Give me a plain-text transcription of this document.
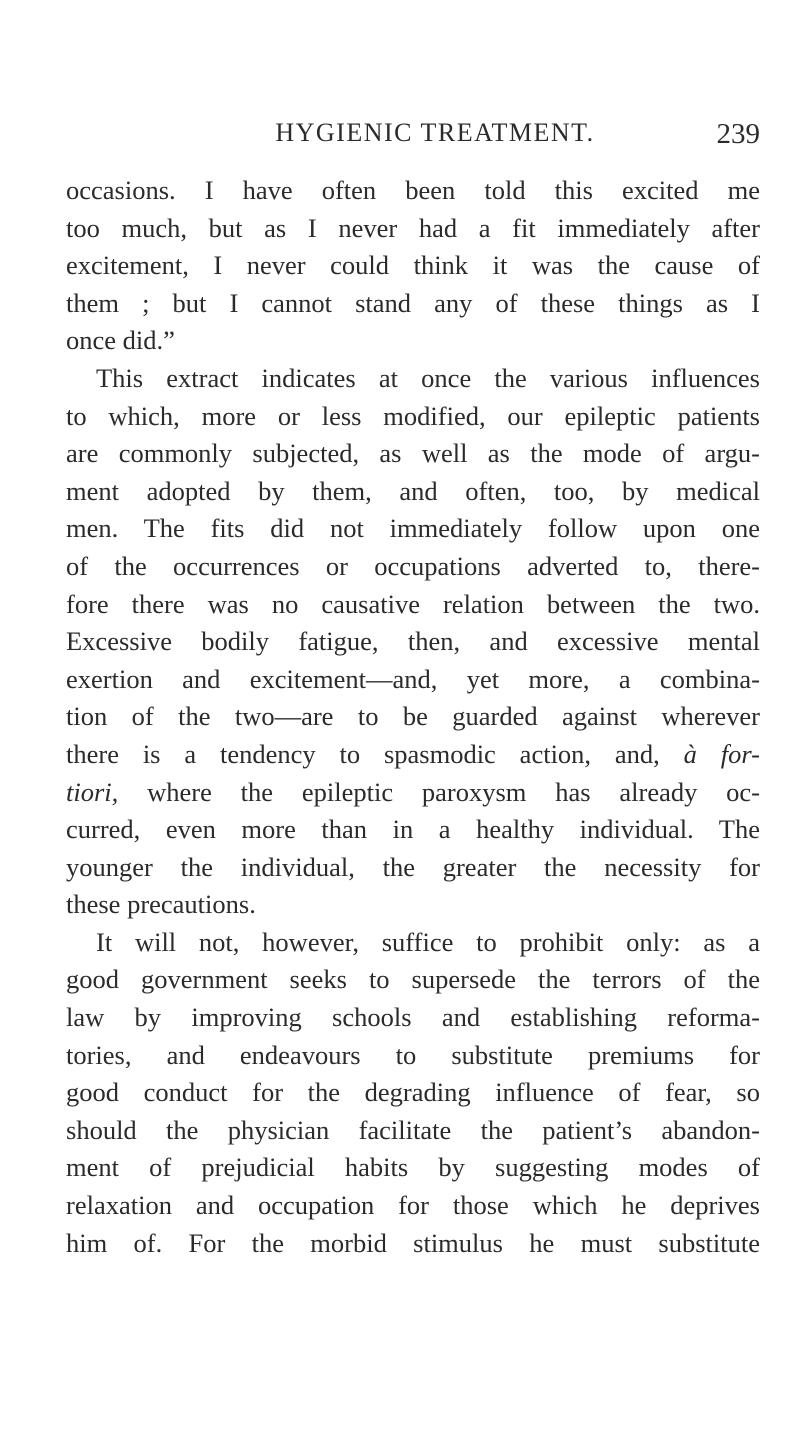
HYGIENIC TREATMENT.	239
occasions. I have often been told this excited me
too much, but as I never had a fit immediately after
excitement, I never could think it was the cause of
them ; but I cannot stand any of these things as I
once did.”
This extract indicates at once the various influences
to which, more or less modified, our epileptic patients
are commonly subjected, as well as the mode of argu-
ment adopted by them, and often, too, by medical
men. The fits did not immediately follow upon one
of the occurrences or occupations adverted to, there-
fore there was no causative relation between the two.
Excessive bodily fatigue, then, and excessive mental
exertion and excitement—and, yet more, a combina-
tion of the two—are to be guarded against wherever
there is a tendency to spasmodic action, and, à for-
tiori, where the epileptic paroxysm has already oc-
curred, even more than in a healthy individual. The
younger the individual, the greater the necessity for
these precautions.
It will not, however, suffice to prohibit only: as a
good government seeks to supersede the terrors of the
law by improving schools and establishing reforma-
tories, and endeavours to substitute premiums for
good conduct for the degrading influence of fear, so
should the physician facilitate the patient’s abandon-
ment of prejudicial habits by suggesting modes of
relaxation and occupation for those which he deprives
him of. For the morbid stimulus he must substitute
